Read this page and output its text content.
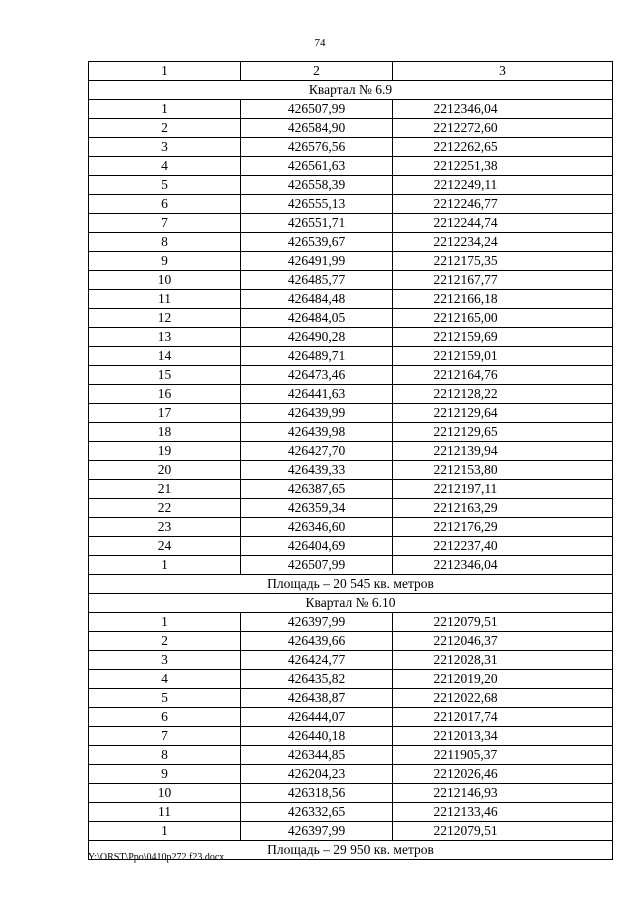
74
1	2	3
Квартал № 6.9		
1	426507,99	2212346,04
2	426584,90	2212272,60
3	426576,56	2212262,65
4	426561,63	2212251,38
5	426558,39	2212249,11
6	426555,13	2212246,77
7	426551,71	2212244,74
8	426539,67	2212234,24
9	426491,99	2212175,35
10	426485,77	2212167,77
11	426484,48	2212166,18
12	426484,05	2212165,00
13	426490,28	2212159,69
14	426489,71	2212159,01
15	426473,46	2212164,76
16	426441,63	2212128,22
17	426439,99	2212129,64
18	426439,98	2212129,65
19	426427,70	2212139,94
20	426439,33	2212153,80
21	426387,65	2212197,11
22	426359,34	2212163,29
23	426346,60	2212176,29
24	426404,69	2212237,40
1	426507,99	2212346,04
Площадь – 20 545 кв. метров		
Квартал № 6.10		
1	426397,99	2212079,51
2	426439,66	2212046,37
3	426424,77	2212028,31
4	426435,82	2212019,20
5	426438,87	2212022,68
6	426444,07	2212017,74
7	426440,18	2212013,34
8	426344,85	2211905,37
9	426204,23	2212026,46
10	426318,56	2212146,93
11	426332,65	2212133,46
1	426397,99	2212079,51
Площадь – 29 950 кв. метров		
Y:\ORST\Ppo\0410p272.f23.docx
